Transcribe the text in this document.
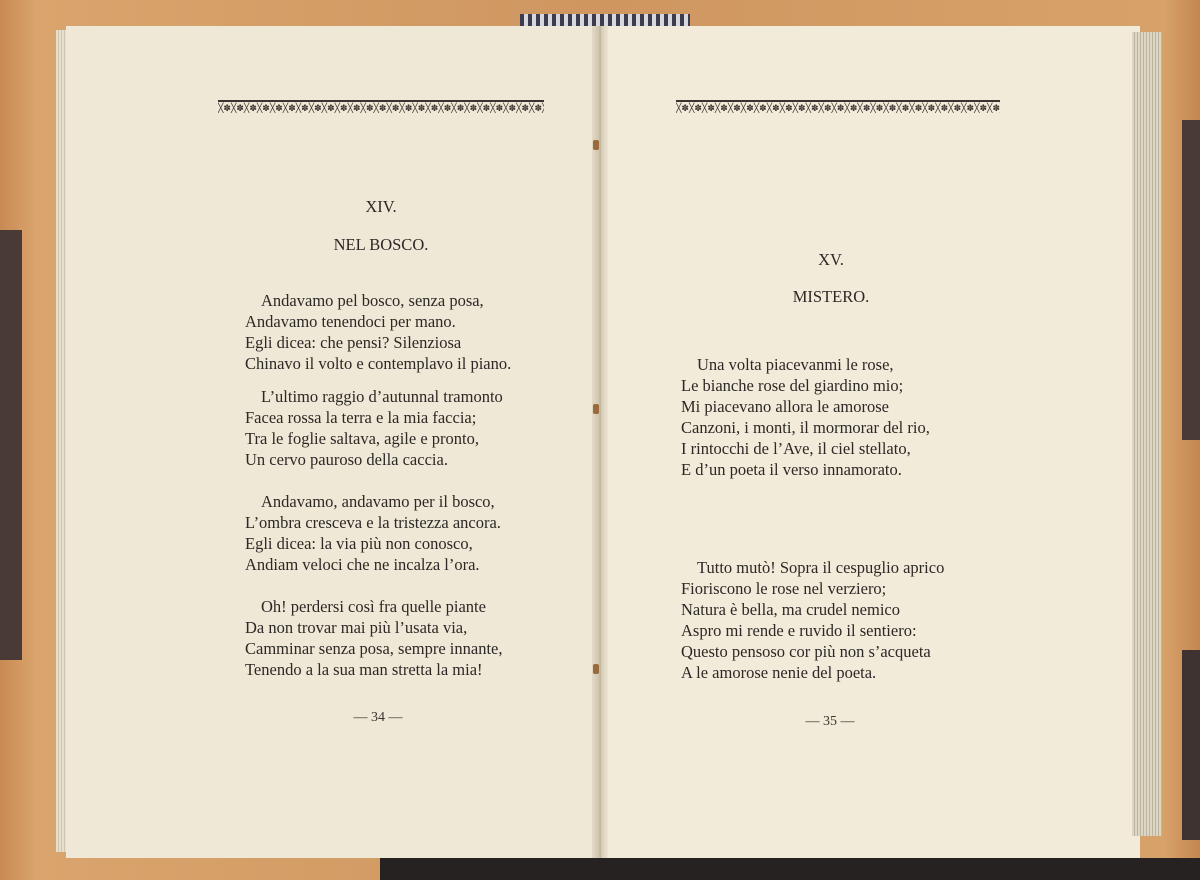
╳✽╳✽╳✽╳✽╳✽╳✽╳✽╳✽╳✽╳✽╳✽╳✽╳✽╳✽╳✽╳✽╳✽╳✽╳✽╳✽╳✽╳✽╳✽╳✽╳✽╳✽╳✽╳✽╳✽╳✽
XIV.
NEL BOSCO.
Andavamo pel bosco, senza posa,
Andavamo tenendoci per mano.
Egli dicea: che pensi? Silenziosa
Chinavo il volto e contemplavo il piano.
L’ultimo raggio d’autunnal tramonto
Facea rossa la terra e la mia faccia;
Tra le foglie saltava, agile e pronto,
Un cervo pauroso della caccia.
Andavamo, andavamo per il bosco,
L’ombra cresceva e la tristezza ancora.
Egli dicea: la via più non conosco,
Andiam veloci che ne incalza l’ora.
Oh! perdersi così fra quelle piante
Da non trovar mai più l’usata via,
Camminar senza posa, sempre innante,
Tenendo a la sua man stretta la mia!
— 34 —
╳✽╳✽╳✽╳✽╳✽╳✽╳✽╳✽╳✽╳✽╳✽╳✽╳✽╳✽╳✽╳✽╳✽╳✽╳✽╳✽╳✽╳✽╳✽╳✽╳✽╳✽╳✽╳✽╳✽╳✽
XV.
MISTERO.
Una volta piacevanmi le rose,
Le bianche rose del giardino mio;
Mi piacevano allora le amorose
Canzoni, i monti, il mormorar del rio,
I rintocchi de l’Ave, il ciel stellato,
E d’un poeta il verso innamorato.
Tutto mutò! Sopra il cespuglio aprico
Fioriscono le rose nel verziero;
Natura è bella, ma crudel nemico
Aspro mi rende e ruvido il sentiero:
Questo pensoso cor più non s’acqueta
A le amorose nenie del poeta.
— 35 —
